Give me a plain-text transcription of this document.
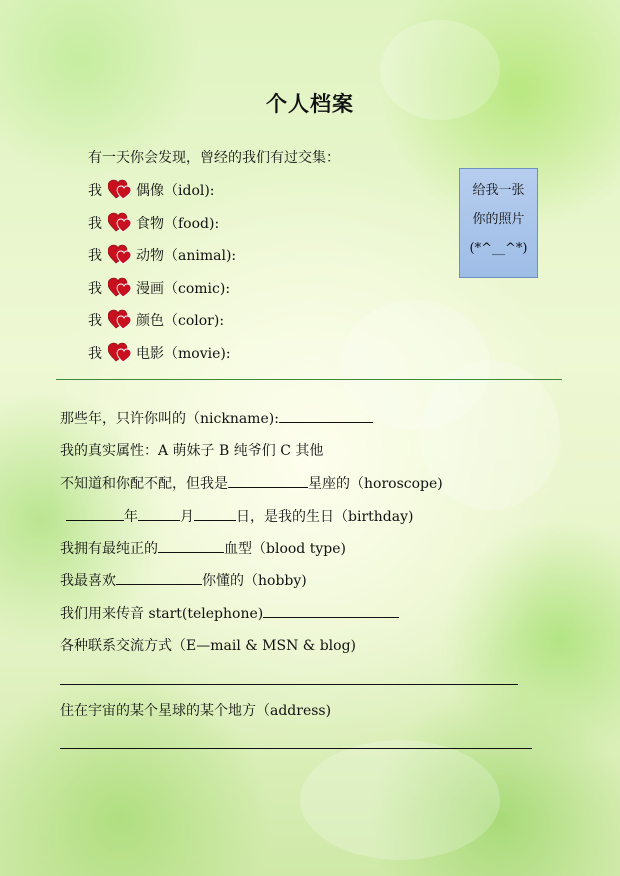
个人档案
有一天你会发现，曾经的我们有过交集：
我 偶像（idol):
我 食物（food):
我 动物（animal):
我 漫画（comic):
我 颜色（color):
我 电影（movie):
给我一张
你的照片
(*^__^*)
那些年，只许你叫的（nickname):
我的真实属性：A 萌妹子 B 纯爷们 C 其他
不知道和你配不配，但我是	星座的（horoscope)
年	月	日，是我的生日（birthday)
我拥有最纯正的	血型（blood type)
我最喜欢	你懂的（hobby)
我们用来传音 start(telephone)
各种联系交流方式（E—mail & MSN & blog)
住在宇宙的某个星球的某个地方（address)
